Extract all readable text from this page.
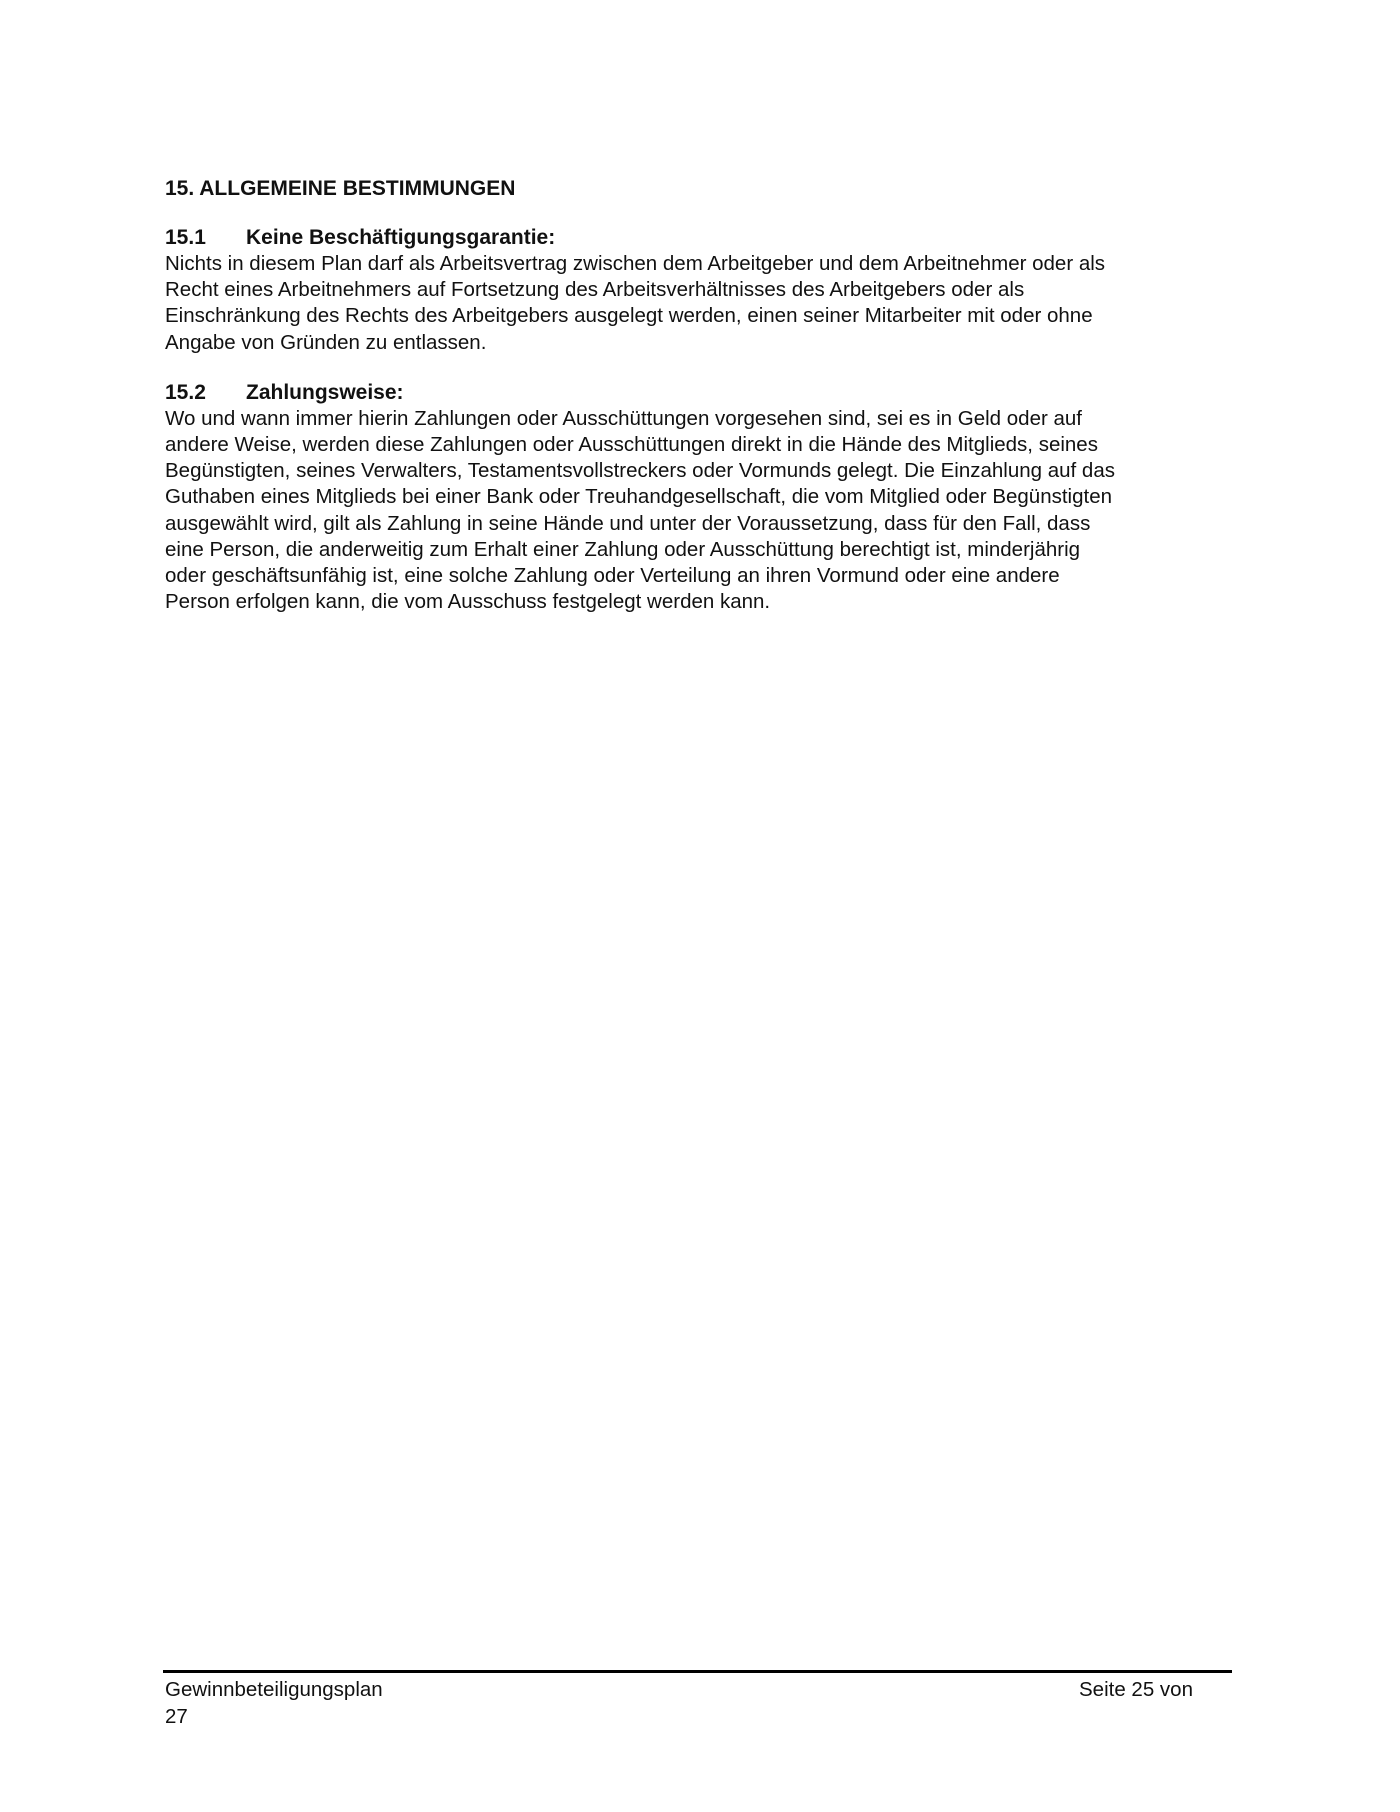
15. ALLGEMEINE BESTIMMUNGEN
15.1	Keine Beschäftigungsgarantie:
Nichts in diesem Plan darf als Arbeitsvertrag zwischen dem Arbeitgeber und dem Arbeitnehmer oder als
Recht eines Arbeitnehmers auf Fortsetzung des Arbeitsverhältnisses des Arbeitgebers oder als
Einschränkung des Rechts des Arbeitgebers ausgelegt werden, einen seiner Mitarbeiter mit oder ohne
Angabe von Gründen zu entlassen.
15.2	Zahlungsweise:
Wo und wann immer hierin Zahlungen oder Ausschüttungen vorgesehen sind, sei es in Geld oder auf
andere Weise, werden diese Zahlungen oder Ausschüttungen direkt in die Hände des Mitglieds, seines
Begünstigten, seines Verwalters, Testamentsvollstreckers oder Vormunds gelegt. Die Einzahlung auf das
Guthaben eines Mitglieds bei einer Bank oder Treuhandgesellschaft, die vom Mitglied oder Begünstigten
ausgewählt wird, gilt als Zahlung in seine Hände und unter der Voraussetzung, dass für den Fall, dass
eine Person, die anderweitig zum Erhalt einer Zahlung oder Ausschüttung berechtigt ist, minderjährig
oder geschäftsunfähig ist, eine solche Zahlung oder Verteilung an ihren Vormund oder eine andere
Person erfolgen kann, die vom Ausschuss festgelegt werden kann.
Gewinnbeteiligungsplan	Seite 25 von
27
